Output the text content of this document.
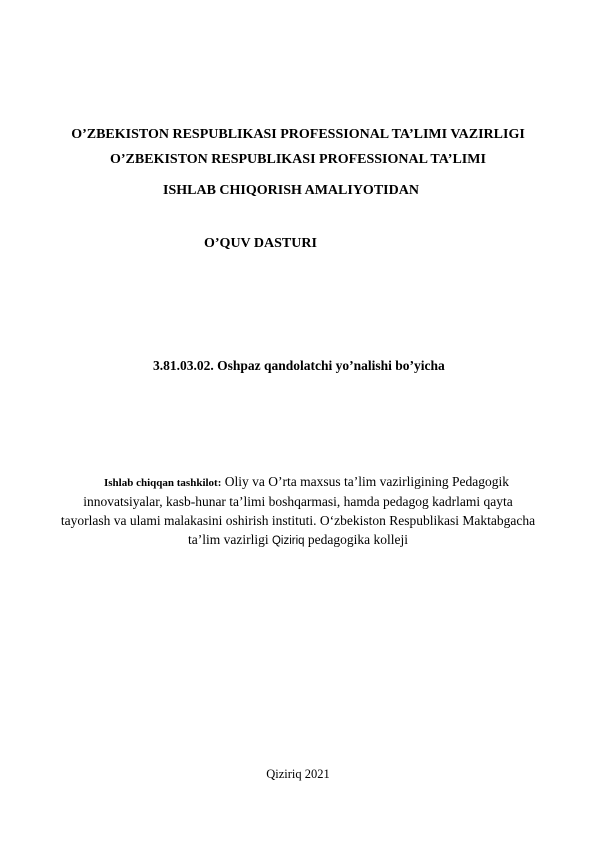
O’ZBEKISTON RESPUBLIKASI PROFESSIONAL TA’LIMI VAZIRLIGI
O’ZBEKISTON RESPUBLIKASI PROFESSIONAL TA’LIMI
ISHLAB CHIQORISH AMALIYOTIDAN
O’QUV DASTURI
3.81.03.02. Oshpaz qandolatchi yo’nalishi bo’yicha
Ishlab chiqqan tashkilot: Oliy va O’rta maxsus ta’lim vazirligining Pedagogik
innovatsiyalar, kasb-hunar ta’limi boshqarmasi, hamda pedagog kadrlami qayta
tayorlash va ulami malakasini oshirish instituti. O‘zbekiston Respublikasi Maktabgacha
ta’lim vazirligi Qiziriq pedagogika kolleji
Qiziriq 2021
